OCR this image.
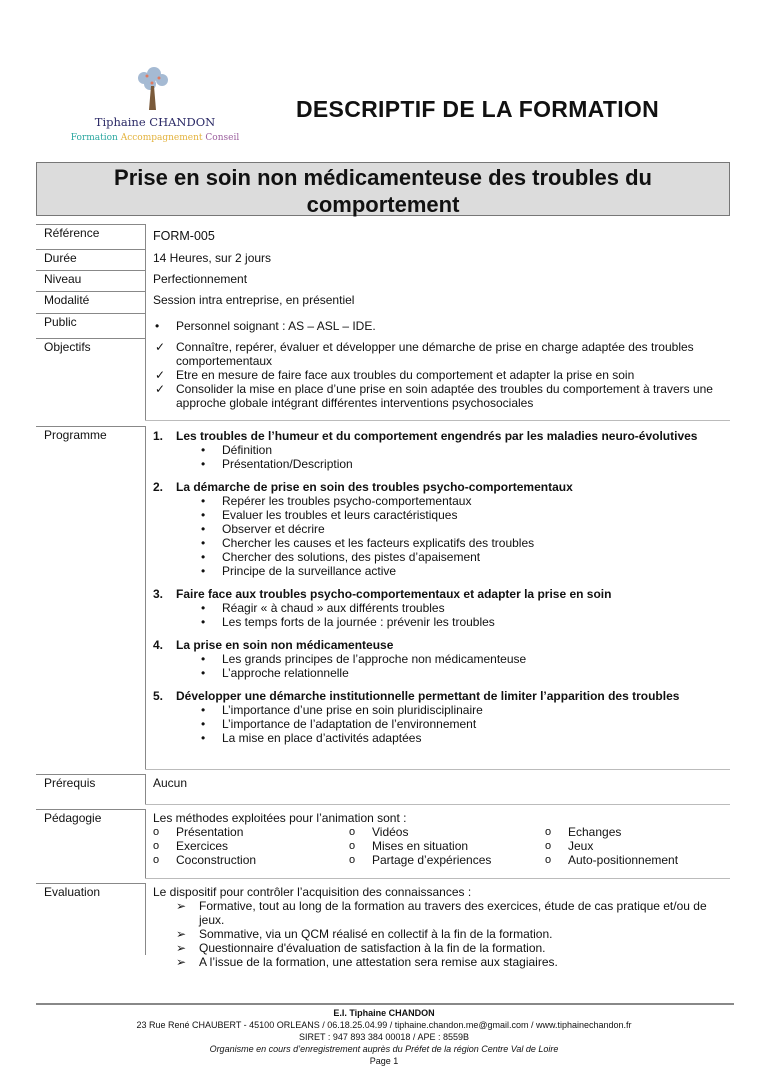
Tiphaine CHANDON
Formation Accompagnement Conseil
DESCRIPTIF DE LA FORMATION
Prise en soin non médicamenteuse des troubles du comportement
Référence	FORM-005
Durée	14 Heures, sur 2 jours
Niveau	Perfectionnement
Modalité	Session intra entreprise, en présentiel
Public	• Personnel soignant : AS – ASL – IDE.
Objectifs	✓ Connaître, repérer, évaluer et développer une démarche de prise en charge adaptée des troubles comportementaux
✓ Etre en mesure de faire face aux troubles du comportement et adapter la prise en soin
✓ Consolider la mise en place d’une prise en soin adaptée des troubles du comportement à travers une approche globale intégrant différentes interventions psychosociales
Programme	1. Les troubles de l’humeur et du comportement engendrés par les maladies neuro-évolutives
• Définition
• Présentation/Description
2. La démarche de prise en soin des troubles psycho-comportementaux
• Repérer les troubles psycho-comportementaux
• Evaluer les troubles et leurs caractéristiques
• Observer et décrire
• Chercher les causes et les facteurs explicatifs des troubles
• Chercher des solutions, des pistes d’apaisement
• Principe de la surveillance active
3. Faire face aux troubles psycho-comportementaux et adapter la prise en soin
• Réagir « à chaud » aux différents troubles
• Les temps forts de la journée : prévenir les troubles
4. La prise en soin non médicamenteuse
• Les grands principes de l’approche non médicamenteuse
• L’approche relationnelle
5. Développer une démarche institutionnelle permettant de limiter l’apparition des troubles
• L’importance d’une prise en soin pluridisciplinaire
• L’importance de l’adaptation de l’environnement
• La mise en place d’activités adaptées
Prérequis	Aucun
Pédagogie	Les méthodes exploitées pour l’animation sont :
o Présentation
o Exercices
o Coconstruction
o Vidéos
o Mises en situation
o Partage d’expériences
o Echanges
o Jeux
o Auto-positionnement
Evaluation	Le dispositif pour contrôler l’acquisition des connaissances :
➢ Formative, tout au long de la formation au travers des exercices, étude de cas pratique et/ou de jeux.
➢ Sommative, via un QCM réalisé en collectif à la fin de la formation.
➢ Questionnaire d'évaluation de satisfaction à la fin de la formation.
➢ A l’issue de la formation, une attestation sera remise aux stagiaires.
E.I. Tiphaine CHANDON
23 Rue René CHAUBERT - 45100 ORLEANS / 06.18.25.04.99 / tiphaine.chandon.me@gmail.com / www.tiphainechandon.fr
SIRET : 947 893 384 00018 / APE : 8559B
Organisme en cours d’enregistrement auprès du Préfet de la région Centre Val de Loire
Page 1
